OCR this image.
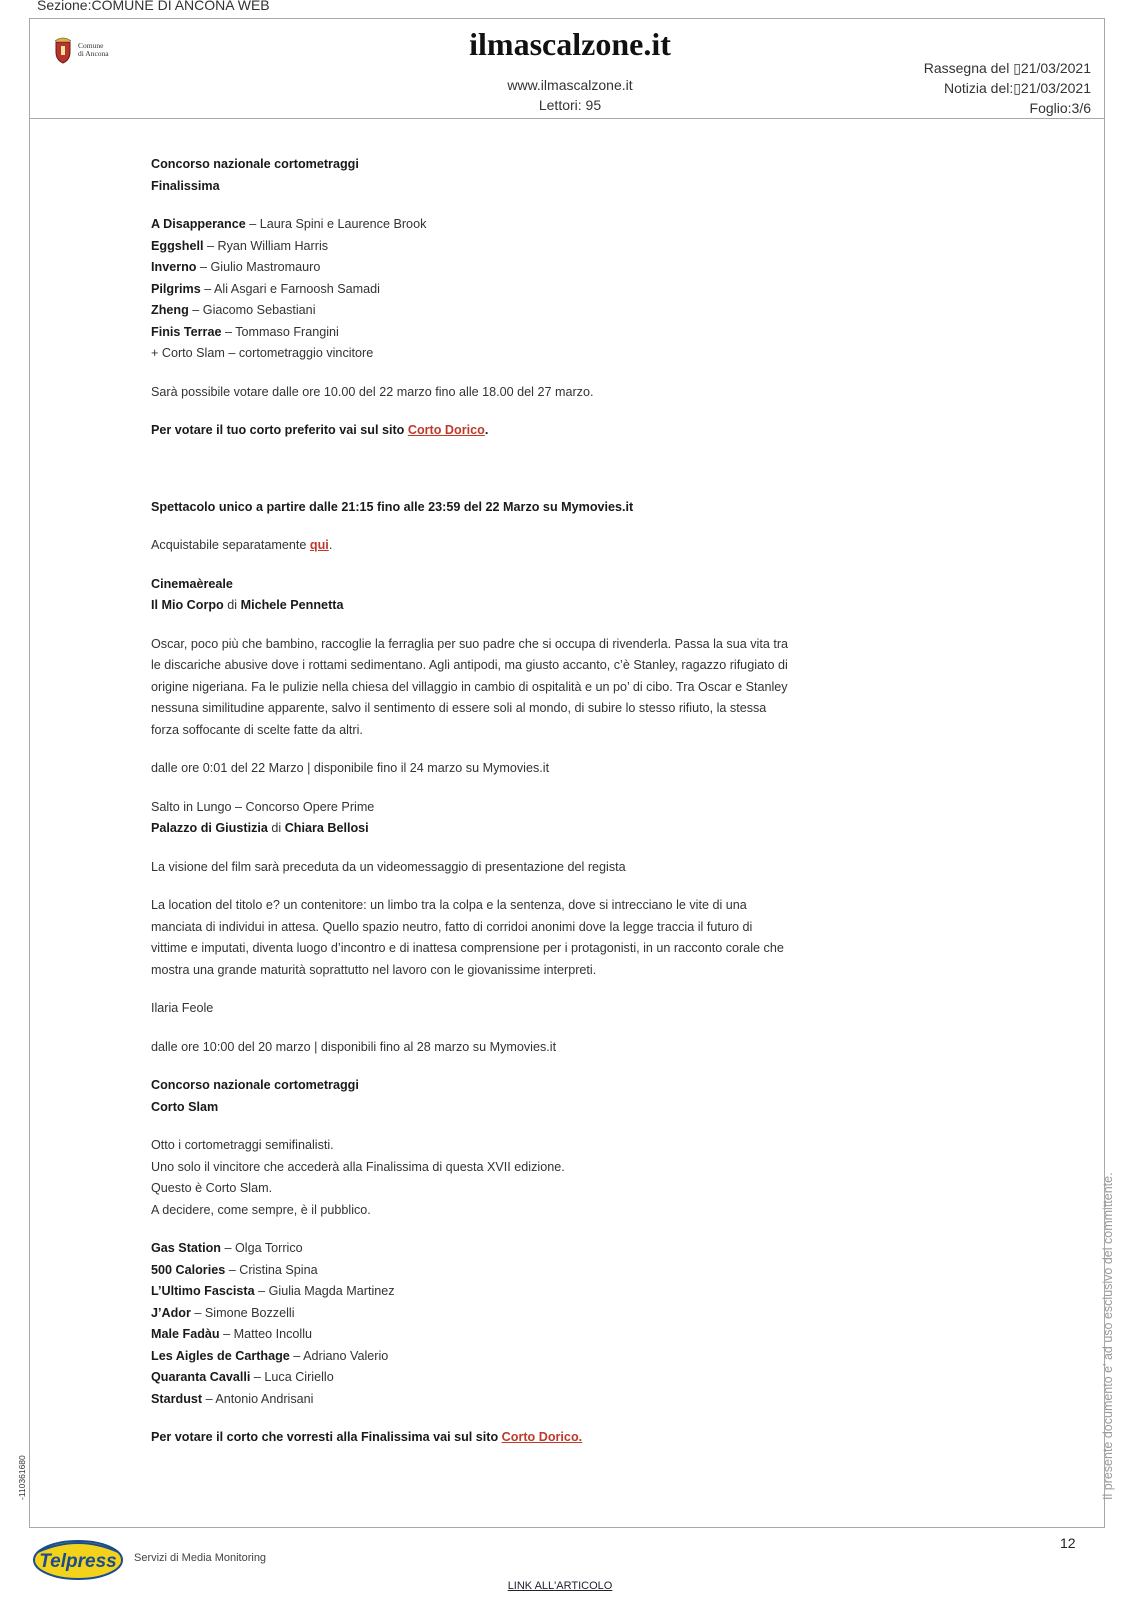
Sezione:COMUNE DI ANCONA WEB
Comune
di Ancona	ilmascalzone.it
www.ilmascalzone.it
Lettori: 95
Rassegna del ▯21/03/2021
Notizia del:▯21/03/2021
Foglio:3/6

Concorso nazionale cortometraggi
Finalissima

A Disapperance – Laura Spini e Laurence Brook
Eggshell – Ryan William Harris
Inverno – Giulio Mastromauro
Pilgrims – Ali Asgari e Farnoosh Samadi
Zheng – Giacomo Sebastiani
Finis Terrae – Tommaso Frangini
+ Corto Slam – cortometraggio vincitore

Sarà possibile votare dalle ore 10.00 del 22 marzo fino alle 18.00 del 27 marzo.

Per votare il tuo corto preferito vai sul sito Corto Dorico.

Spettacolo unico a partire dalle 21:15 fino alle 23:59 del 22 Marzo su Mymovies.it

Acquistabile separatamente qui.

Cinemaèreale
Il Mio Corpo di Michele Pennetta

Oscar, poco più che bambino, raccoglie la ferraglia per suo padre che si occupa di rivenderla. Passa la sua vita tra le discariche abusive dove i rottami sedimentano. Agli antipodi, ma giusto accanto, c’è Stanley, ragazzo rifugiato di origine nigeriana. Fa le pulizie nella chiesa del villaggio in cambio di ospitalità e un po’ di cibo. Tra Oscar e Stanley nessuna similitudine apparente, salvo il sentimento di essere soli al mondo, di subire lo stesso rifiuto, la stessa forza soffocante di scelte fatte da altri.

dalle ore 0:01 del 22 Marzo | disponibile fino il 24 marzo su Mymovies.it

Salto in Lungo – Concorso Opere Prime
Palazzo di Giustizia di Chiara Bellosi

La visione del film sarà preceduta da un videomessaggio di presentazione del regista

La location del titolo e? un contenitore: un limbo tra la colpa e la sentenza, dove si intrecciano le vite di una manciata di individui in attesa. Quello spazio neutro, fatto di corridoi anonimi dove la legge traccia il futuro di vittime e imputati, diventa luogo d’incontro e di inattesa comprensione per i protagonisti, in un racconto corale che mostra una grande maturità soprattutto nel lavoro con le giovanissime interpreti.

Ilaria Feole

dalle ore 10:00 del 20 marzo | disponibili fino al 28 marzo su Mymovies.it

Concorso nazionale cortometraggi
Corto Slam

Otto i cortometraggi semifinalisti.
Uno solo il vincitore che accederà alla Finalissima di questa XVII edizione.
Questo è Corto Slam.
A decidere, come sempre, è il pubblico.

Gas Station – Olga Torrico
500 Calories – Cristina Spina
L’Ultimo Fascista – Giulia Magda Martinez
J’Ador – Simone Bozzelli
Male Fadàu – Matteo Incollu
Les Aigles de Carthage – Adriano Valerio
Quaranta Cavalli – Luca Ciriello
Stardust – Antonio Andrisani

Per votare il corto che vorresti alla Finalissima vai sul sito Corto Dorico.	Il presente documento e' ad uso esclusivo del committente.
-110361680
12
Telpress Servizi di Media Monitoring
LINK ALL'ARTICOLO
